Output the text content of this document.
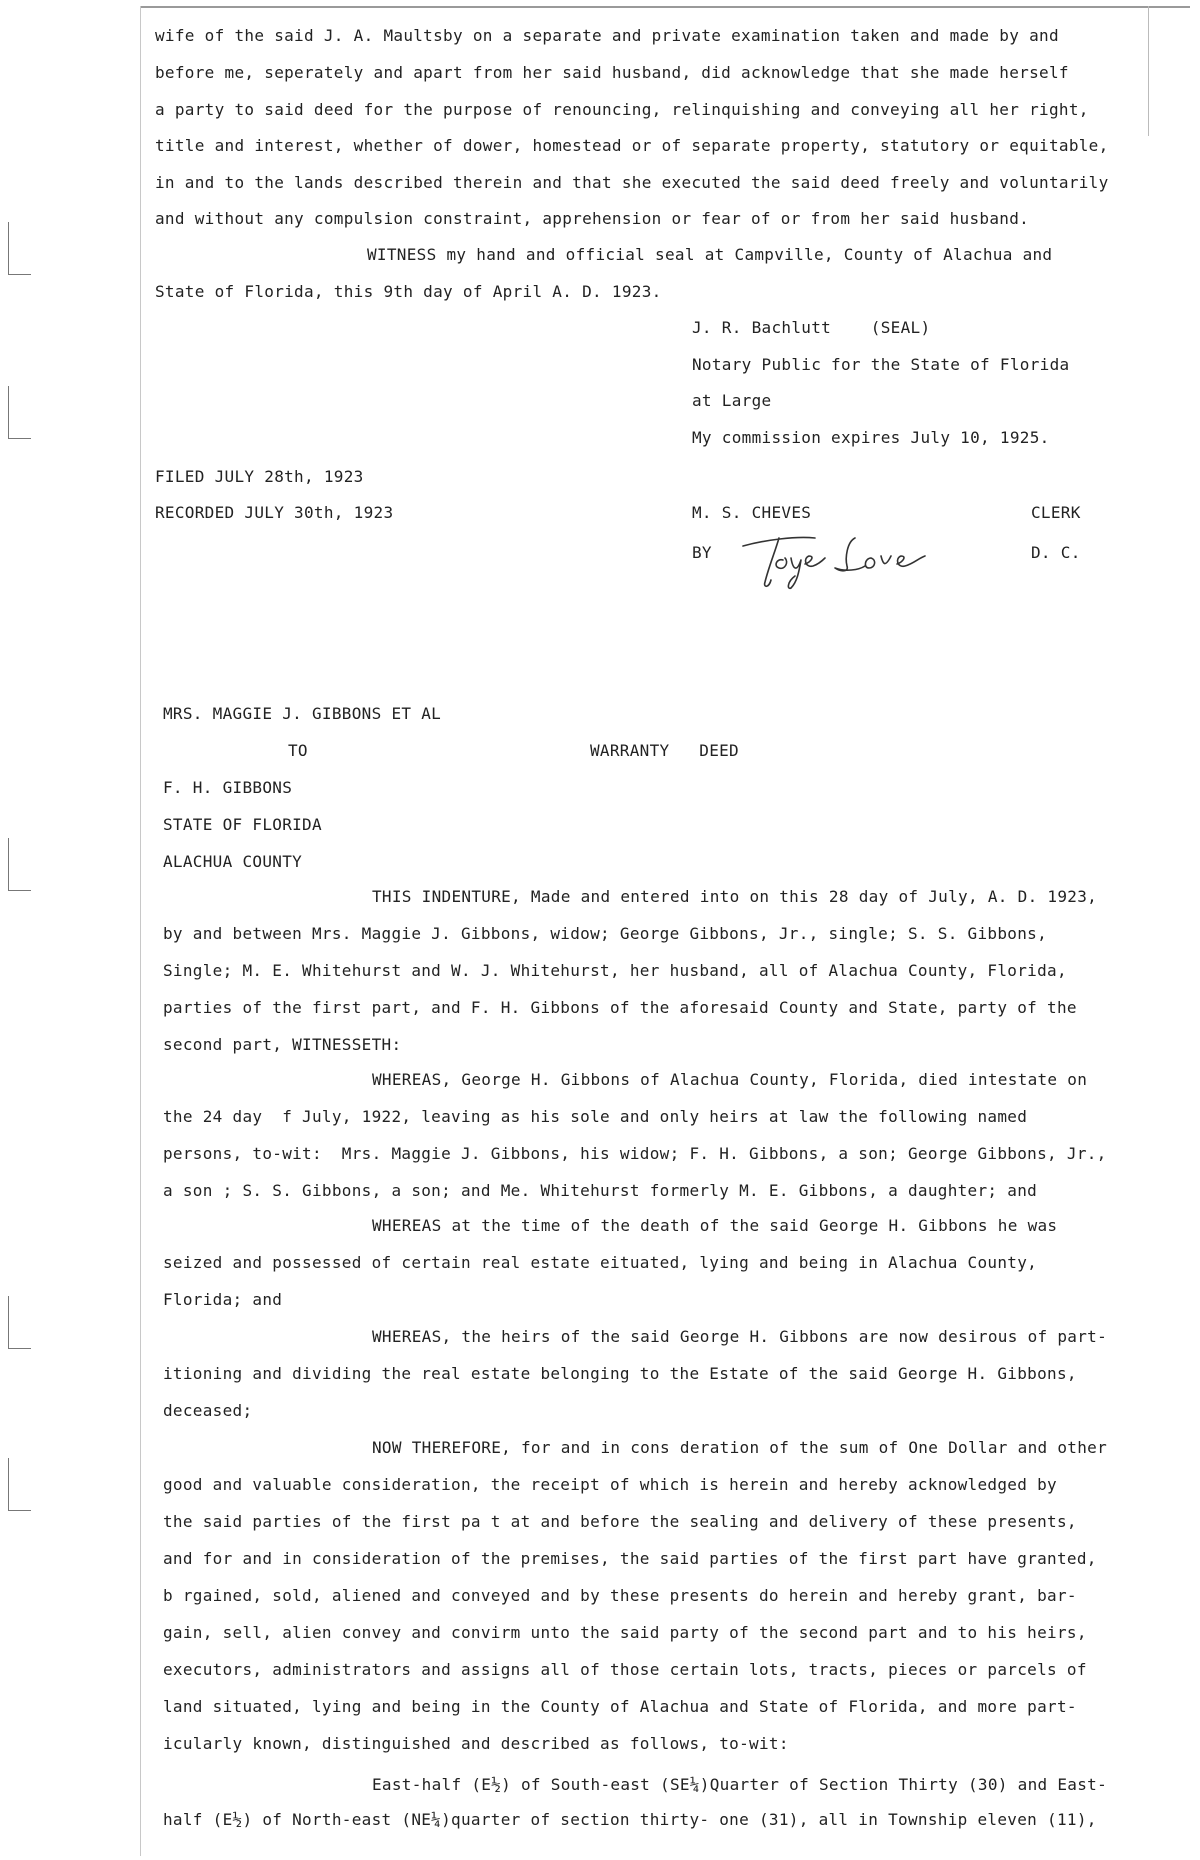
wife of the said J. A. Maultsby on a separate and private examination taken and made by and
before me, seperately and apart from her said husband, did acknowledge that she made herself
a party to said deed for the purpose of renouncing, relinquishing and conveying all her right,
title and interest, whether of dower, homestead or of separate property, statutory or equitable,
in and to the lands described therein and that she executed the said deed freely and voluntarily
and without any compulsion constraint, apprehension or fear of or from her said husband.
WITNESS my hand and official seal at Campville, County of Alachua and
State of Florida, this 9th day of April A. D. 1923.
J. R. Bachlutt    (SEAL)
Notary Public for the State of Florida
at Large
My commission expires July 10, 1925.
FILED JULY 28th, 1923
RECORDED JULY 30th, 1923	M. S. CHEVES	CLERK
BY	D. C.
MRS. MAGGIE J. GIBBONS ET AL
TO	WARRANTY   DEED
F. H. GIBBONS
STATE OF FLORIDA
ALACHUA COUNTY
THIS INDENTURE, Made and entered into on this 28 day of July, A. D. 1923,
by and between Mrs. Maggie J. Gibbons, widow; George Gibbons, Jr., single; S. S. Gibbons,
Single; M. E. Whitehurst and W. J. Whitehurst, her husband, all of Alachua County, Florida,
parties of the first part, and F. H. Gibbons of the aforesaid County and State, party of the
second part, WITNESSETH:
WHEREAS, George H. Gibbons of Alachua County, Florida, died intestate on
the 24 day  f July, 1922, leaving as his sole and only heirs at law the following named
persons, to-wit:  Mrs. Maggie J. Gibbons, his widow; F. H. Gibbons, a son; George Gibbons, Jr.,
a son ; S. S. Gibbons, a son; and Me. Whitehurst formerly M. E. Gibbons, a daughter; and
WHEREAS at the time of the death of the said George H. Gibbons he was
seized and possessed of certain real estate eituated, lying and being in Alachua County,
Florida; and
WHEREAS, the heirs of the said George H. Gibbons are now desirous of part-
itioning and dividing the real estate belonging to the Estate of the said George H. Gibbons,
deceased;
NOW THEREFORE, for and in cons deration of the sum of One Dollar and other
good and valuable consideration, the receipt of which is herein and hereby acknowledged by
the said parties of the first pa t at and before the sealing and delivery of these presents,
and for and in consideration of the premises, the said parties of the first part have granted,
b rgained, sold, aliened and conveyed and by these presents do herein and hereby grant, bar-
gain, sell, alien convey and convirm unto the said party of the second part and to his heirs,
executors, administrators and assigns all of those certain lots, tracts, pieces or parcels of
land situated, lying and being in the County of Alachua and State of Florida, and more part-
icularly known, distinguished and described as follows, to-wit:
East-half (E½) of South-east (SE¼)Quarter of Section Thirty (30) and East-
half (E½) of North-east (NE¼)quarter of section thirty- one (31), all in Township eleven (11),
